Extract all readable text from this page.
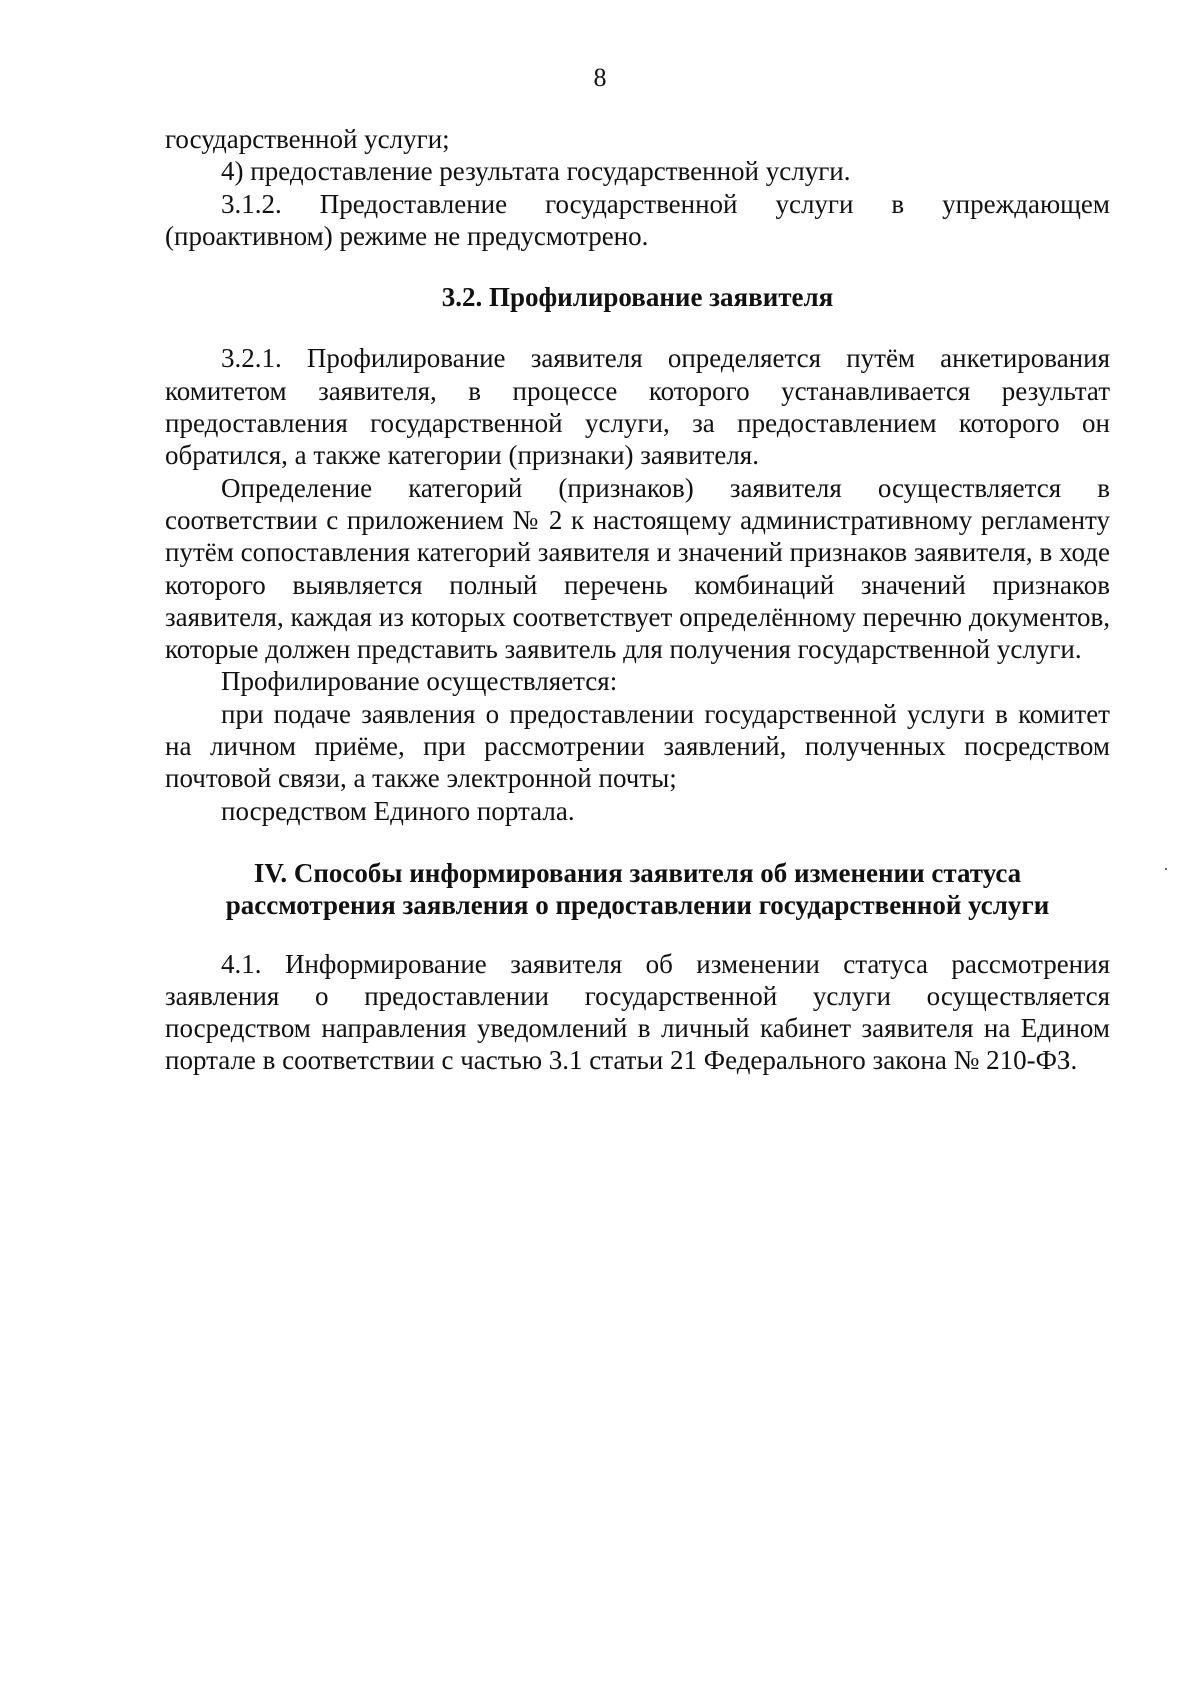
8

государственной услуги;

4) предоставление результата государственной услуги.

3.1.2. Предоставление государственной услуги в упреждающем (проактивном) режиме не предусмотрено.

3.2. Профилирование заявителя

3.2.1. Профилирование заявителя определяется путём анкетирования комитетом заявителя, в процессе которого устанавливается результат предоставления государственной услуги, за предоставлением которого он обратился, а также категории (признаки) заявителя.

Определение категорий (признаков) заявителя осуществляется в соответствии с приложением № 2 к настоящему административному регламенту путём сопоставления категорий заявителя и значений признаков заявителя, в ходе которого выявляется полный перечень комбинаций значений признаков заявителя, каждая из которых соответствует определённому перечню документов, которые должен представить заявитель для получения государственной услуги.

Профилирование осуществляется:

при подаче заявления о предоставлении государственной услуги в комитет на личном приёме, при рассмотрении заявлений, полученных посредством почтовой связи, а также электронной почты;

посредством Единого портала.

IV. Способы информирования заявителя об изменении статуса
рассмотрения заявления о предоставлении государственной услуги

4.1. Информирование заявителя об изменении статуса рассмотрения заявления о предоставлении государственной услуги осуществляется посредством направления уведомлений в личный кабинет заявителя на Едином портале в соответствии с частью 3.1 статьи 21 Федерального закона № 210-ФЗ.
